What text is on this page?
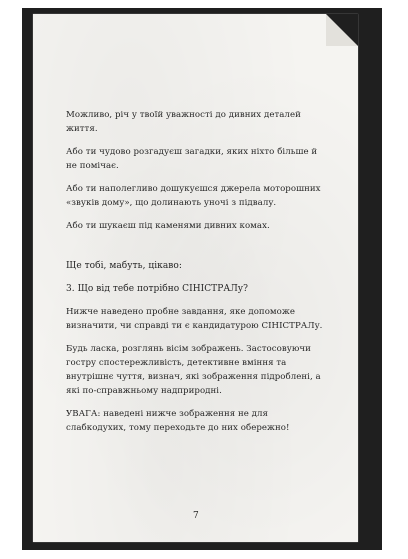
Можливо, річ у твоїй уважності до дивних деталей життя.

Або ти чудово розгадуєш загадки, яких ніхто більше й не помічає.

Або ти наполегливо дошукуєшся джерела моторошних «звуків дому», що долинають уночі з підвалу.

Або ти шукаєш під каменями дивних комах.

Ще тобі, мабуть, цікаво:

3. Що від тебе потрібно СІНІСТРАЛу?

Нижче наведено пробне завдання, яке допоможе визначити, чи справді ти є кандидатурою СІНІСТРАЛу.

Будь ласка, розглянь вісім зображень. Застосовуючи гостру спостережливість, детективне вміння та внутрішнє чуття, визнач, які зображення підроблені, а які по-справжньому надприродні.

УВАГА: наведені нижче зображення не для слабкодухих, тому переходьте до них обережно!

7
